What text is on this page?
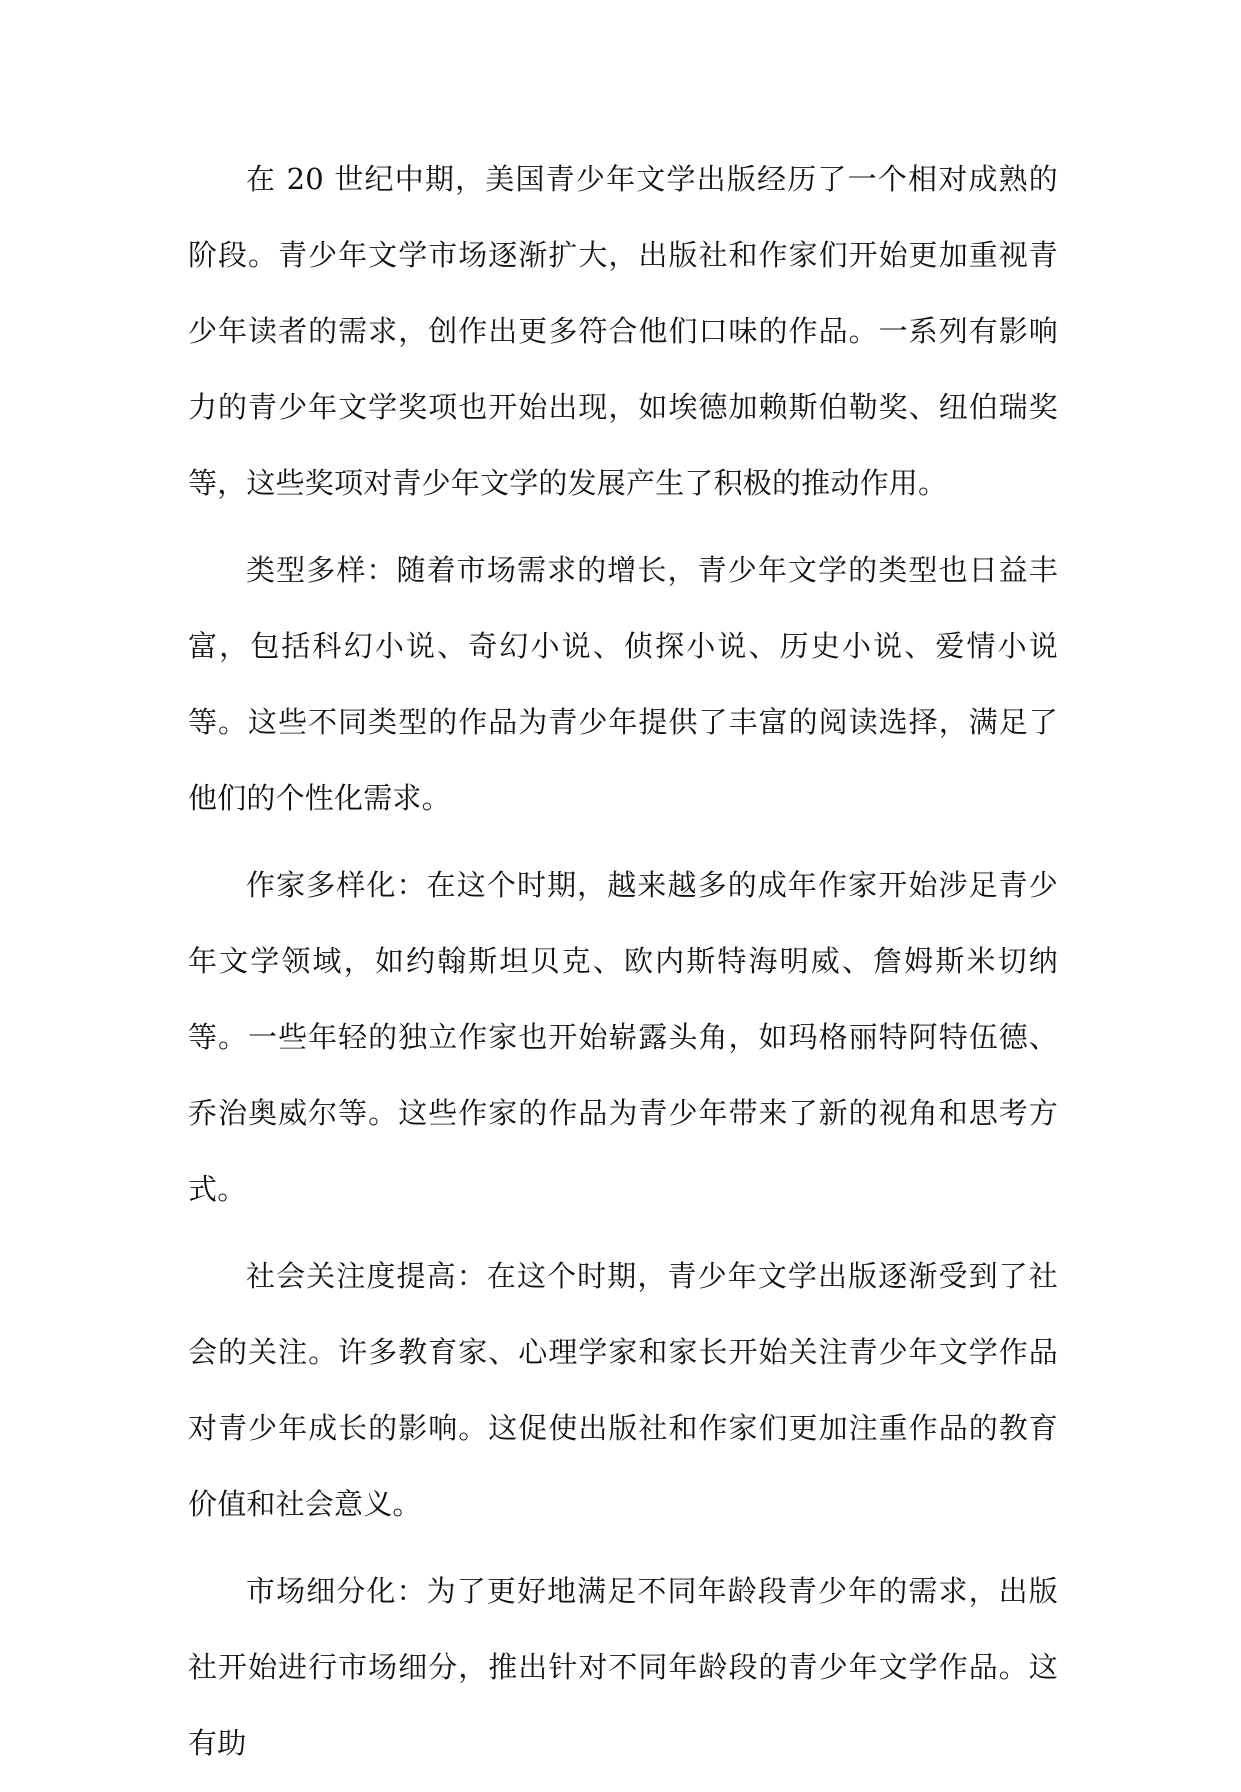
在 20 世纪中期，美国青少年文学出版经历了一个相对成熟的阶段。青少年文学市场逐渐扩大，出版社和作家们开始更加重视青少年读者的需求，创作出更多符合他们口味的作品。一系列有影响力的青少年文学奖项也开始出现，如埃德加赖斯伯勒奖、纽伯瑞奖等，这些奖项对青少年文学的发展产生了积极的推动作用。

类型多样：随着市场需求的增长，青少年文学的类型也日益丰富，包括科幻小说、奇幻小说、侦探小说、历史小说、爱情小说等。这些不同类型的作品为青少年提供了丰富的阅读选择，满足了他们的个性化需求。

作家多样化：在这个时期，越来越多的成年作家开始涉足青少年文学领域，如约翰斯坦贝克、欧内斯特海明威、詹姆斯米切纳等。一些年轻的独立作家也开始崭露头角，如玛格丽特阿特伍德、乔治奥威尔等。这些作家的作品为青少年带来了新的视角和思考方式。

社会关注度提高：在这个时期，青少年文学出版逐渐受到了社会的关注。许多教育家、心理学家和家长开始关注青少年文学作品对青少年成长的影响。这促使出版社和作家们更加注重作品的教育价值和社会意义。

市场细分化：为了更好地满足不同年龄段青少年的需求，出版社开始进行市场细分，推出针对不同年龄段的青少年文学作品。这有助
